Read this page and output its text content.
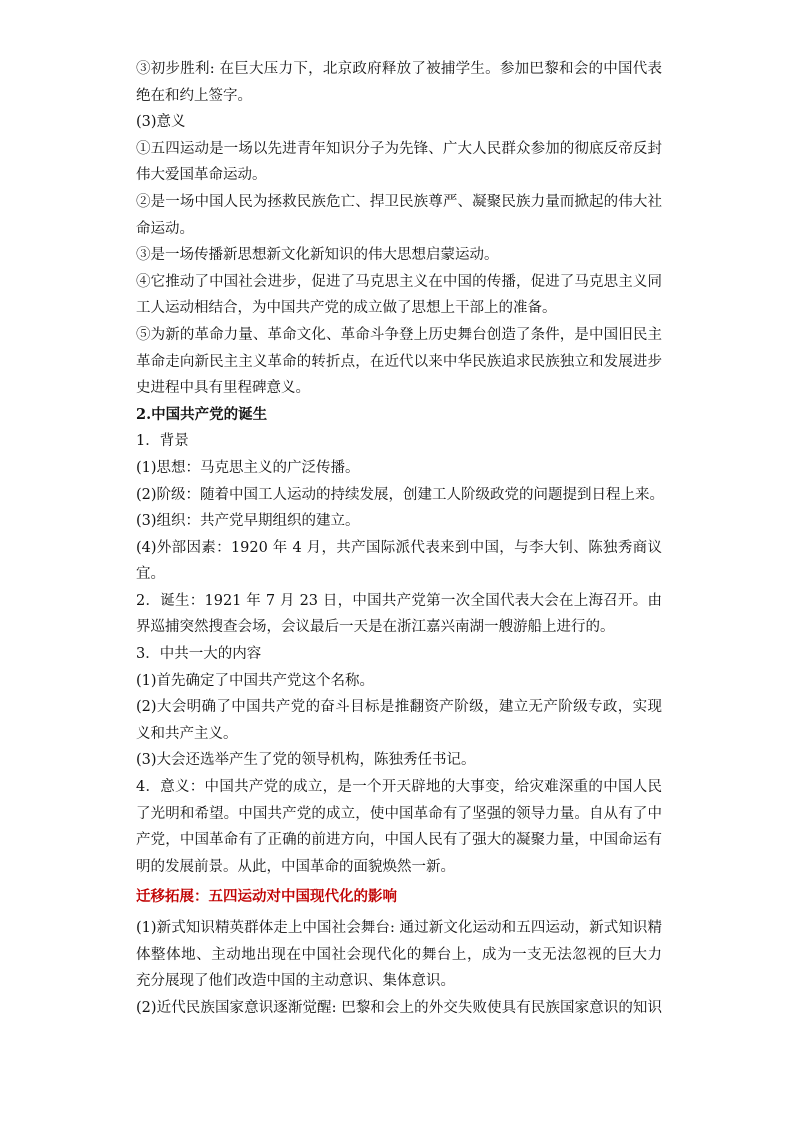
③初步胜利: 在巨大压力下，北京政府释放了被捕学生。参加巴黎和会的中国代表
绝在和约上签字。
(3)意义
①五四运动是一场以先进青年知识分子为先锋、广大人民群众参加的彻底反帝反封
伟大爱国革命运动。
②是一场中国人民为拯救民族危亡、捍卫民族尊严、凝聚民族力量而掀起的伟大社
命运动。
③是一场传播新思想新文化新知识的伟大思想启蒙运动。
④它推动了中国社会进步，促进了马克思主义在中国的传播，促进了马克思主义同
工人运动相结合，为中国共产党的成立做了思想上干部上的准备。
⑤为新的革命力量、革命文化、革命斗争登上历史舞台创造了条件，是中国旧民主
革命走向新民主主义革命的转折点，在近代以来中华民族追求民族独立和发展进步
史进程中具有里程碑意义。
2.中国共产党的诞生
1．背景
(1)思想：马克思主义的广泛传播。
(2)阶级：随着中国工人运动的持续发展，创建工人阶级政党的问题提到日程上来。
(3)组织：共产党早期组织的建立。
(4)外部因素：1920 年 4 月，共产国际派代表来到中国，与李大钊、陈独秀商议
宜。
2．诞生：1921 年 7 月 23 日，中国共产党第一次全国代表大会在上海召开。由
界巡捕突然搜查会场，会议最后一天是在浙江嘉兴南湖一艘游船上进行的。
3．中共一大的内容
(1)首先确定了中国共产党这个名称。
(2)大会明确了中国共产党的奋斗目标是推翻资产阶级，建立无产阶级专政，实现
义和共产主义。
(3)大会还选举产生了党的领导机构，陈独秀任书记。
4．意义：中国共产党的成立，是一个开天辟地的大事变，给灾难深重的中国人民
了光明和希望。中国共产党的成立，使中国革命有了坚强的领导力量。自从有了中
产党，中国革命有了正确的前进方向，中国人民有了强大的凝聚力量，中国命运有
明的发展前景。从此，中国革命的面貌焕然一新。
迁移拓展：五四运动对中国现代化的影响
(1)新式知识精英群体走上中国社会舞台: 通过新文化运动和五四运动，新式知识精
体整体地、主动地出现在中国社会现代化的舞台上，成为一支无法忽视的巨大力
充分展现了他们改造中国的主动意识、集体意识。
(2)近代民族国家意识逐渐觉醒: 巴黎和会上的外交失败使具有民族国家意识的知识
